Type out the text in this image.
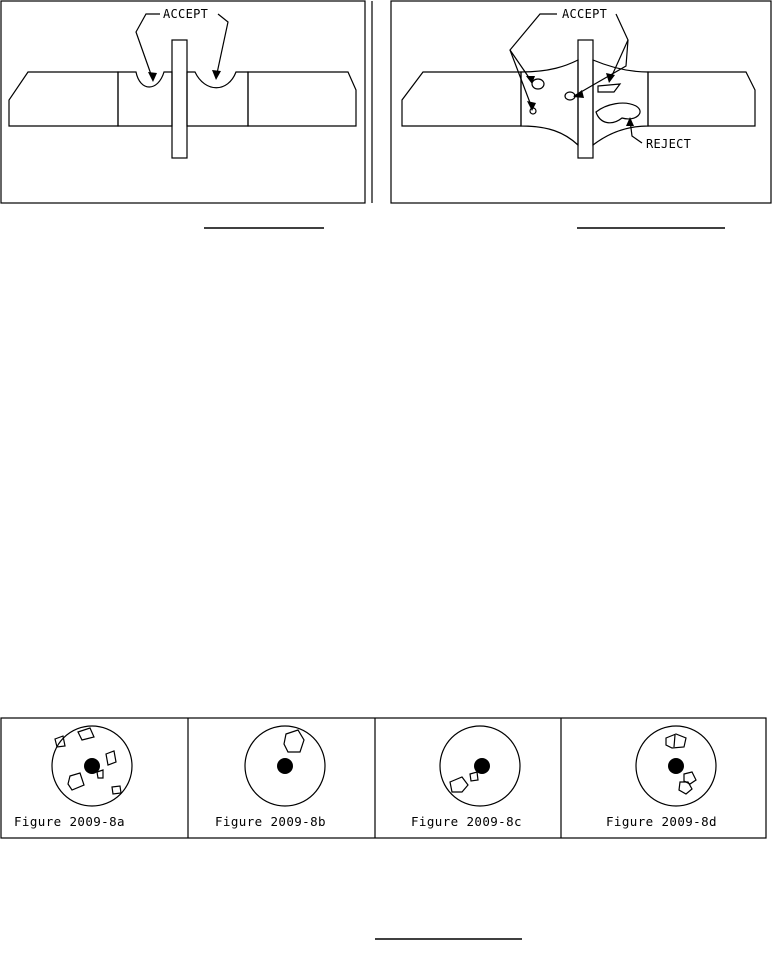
ACCEPT	ACCEPT
REJECT
Figure 2009-8a	Figure 2009-8b	Figure 2009-8c	Figure 2009-8d
